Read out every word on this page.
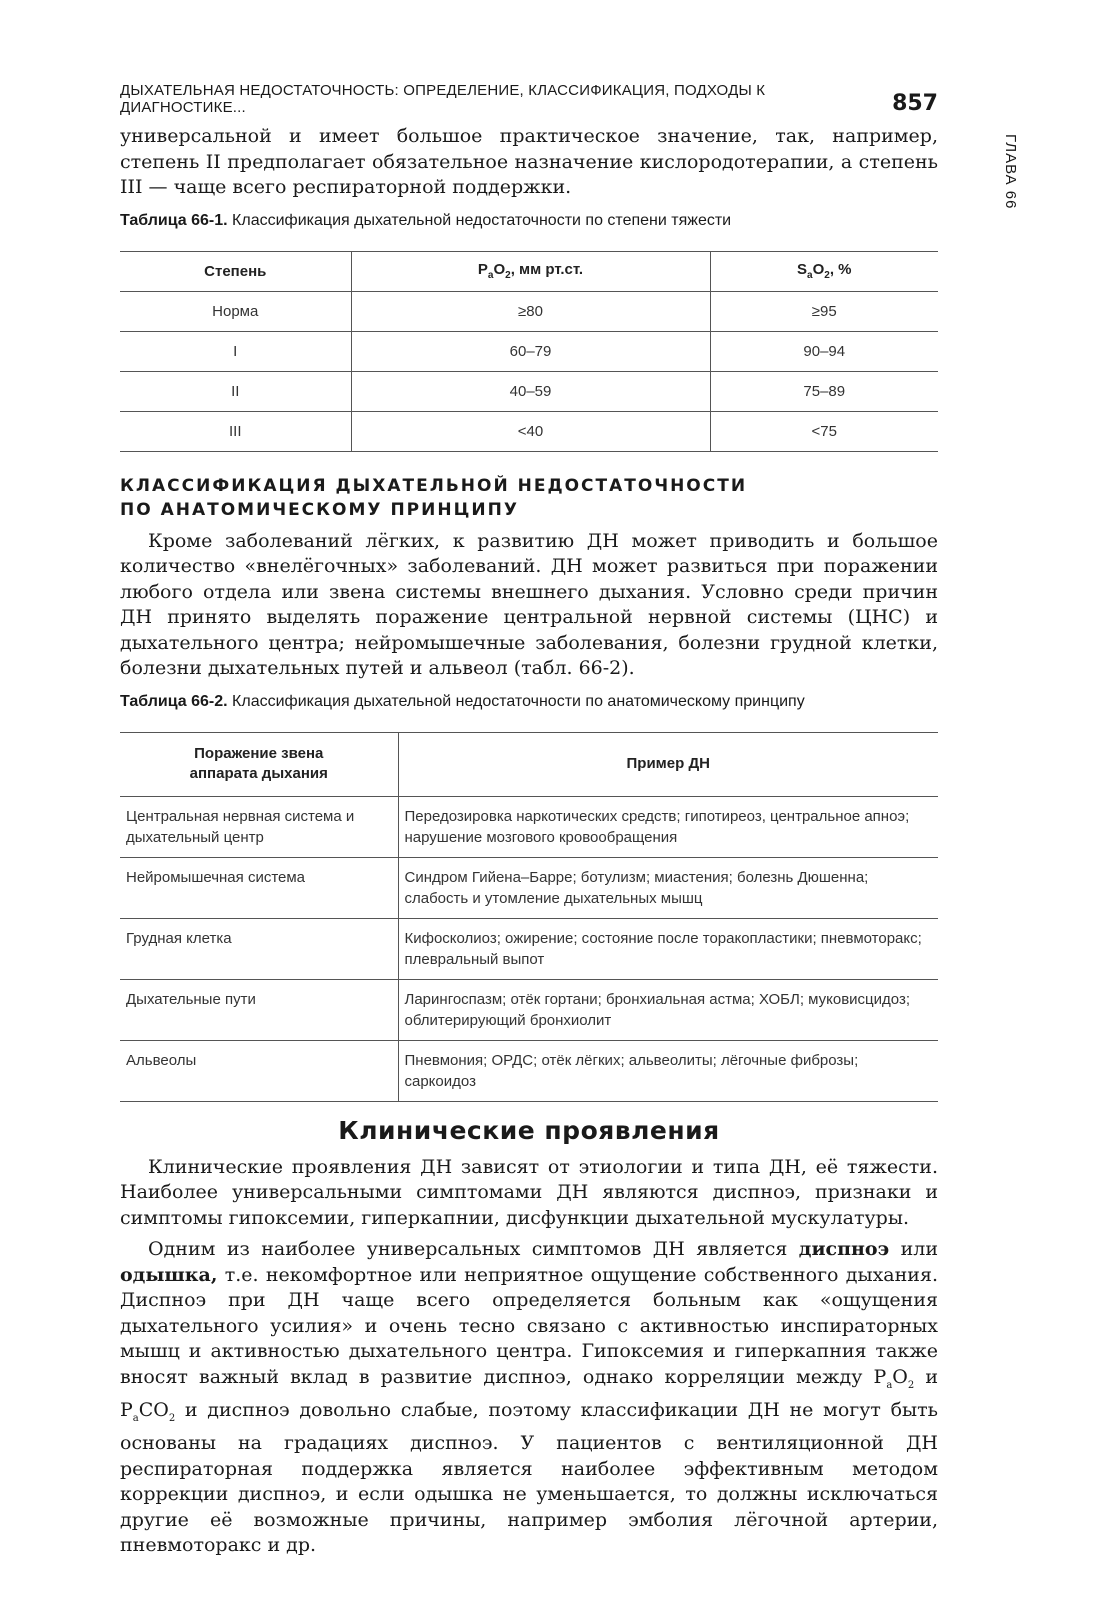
ГЛАВА 66
ДЫХАТЕЛЬНАЯ НЕДОСТАТОЧНОСТЬ: ОПРЕДЕЛЕНИЕ, КЛАССИФИКАЦИЯ, ПОДХОДЫ К ДИАГНОСТИКЕ...	857

универсальной и имеет большое практическое значение, так, например, степень II предполагает обязательное назначение кислородотерапии, а степень III — чаще всего респираторной поддержки.

Таблица 66-1. Классификация дыхательной недостаточности по степени тяжести
Степень	$P_aO_2$, мм рт.ст.	$S_aO_2$, %
Норма	≥80	≥95
I	60–79	90–94
II	40–59	75–89
III	<40	<75
КЛАССИФИКАЦИЯ ДЫХАТЕЛЬНОЙ НЕДОСТАТОЧНОСТИ
ПО АНАТОМИЧЕСКОМУ ПРИНЦИПУ

Кроме заболеваний лёгких, к развитию ДН может приводить и большое количество «внелёгочных» заболеваний. ДН может развиться при поражении любого отдела или звена системы внешнего дыхания. Условно среди причин ДН принято выделять поражение центральной нервной системы (ЦНС) и дыхательного центра; нейромышечные заболевания, болезни грудной клетки, болезни дыхательных путей и альвеол (табл. 66-2).

Таблица 66-2. Классификация дыхательной недостаточности по анатомическому принципу
Поражение звена
аппарата дыхания	Пример ДН
Центральная нервная система и дыхательный центр	Передозировка наркотических средств; гипотиреоз, центральное апноэ; нарушение мозгового кровообращения
Нейромышечная система	Синдром Гийена–Барре; ботулизм; миастения; болезнь Дюшенна; слабость и утомление дыхательных мышц
Грудная клетка	Кифосколиоз; ожирение; состояние после торакопластики; пневмоторакс; плевральный выпот
Дыхательные пути	Ларингоспазм; отёк гортани; бронхиальная астма; ХОБЛ; муковисцидоз; облитерирующий бронхиолит
Альвеолы	Пневмония; ОРДС; отёк лёгких; альвеолиты; лёгочные фиброзы; саркоидоз
Клинические проявления

Клинические проявления ДН зависят от этиологии и типа ДН, её тяжести. Наиболее универсальными симптомами ДН являются диспноэ, признаки и симптомы гипоксемии, гиперкапнии, дисфункции дыхательной мускулатуры.

Одним из наиболее универсальных симптомов ДН является диспноэ или одышка, т.е. некомфортное или неприятное ощущение собственного дыхания. Диспноэ при ДН чаще всего определяется больным как «ощущения дыхательного усилия» и очень тесно связано с активностью инспираторных мышц и активностью дыхательного центра. Гипоксемия и гиперкапния также вносят важный вклад в развитие диспноэ, однако корреляции между $P_aO_2$ и $P_aCO_2$ и диспноэ довольно слабые, поэтому классификации ДН не могут быть основаны на градациях диспноэ. У пациентов с вентиляционной ДН респираторная поддержка является наиболее эффективным методом коррекции диспноэ, и если одышка не уменьшается, то должны исключаться другие её возможные причины, например эмболия лёгочной артерии, пневмоторакс и др.
